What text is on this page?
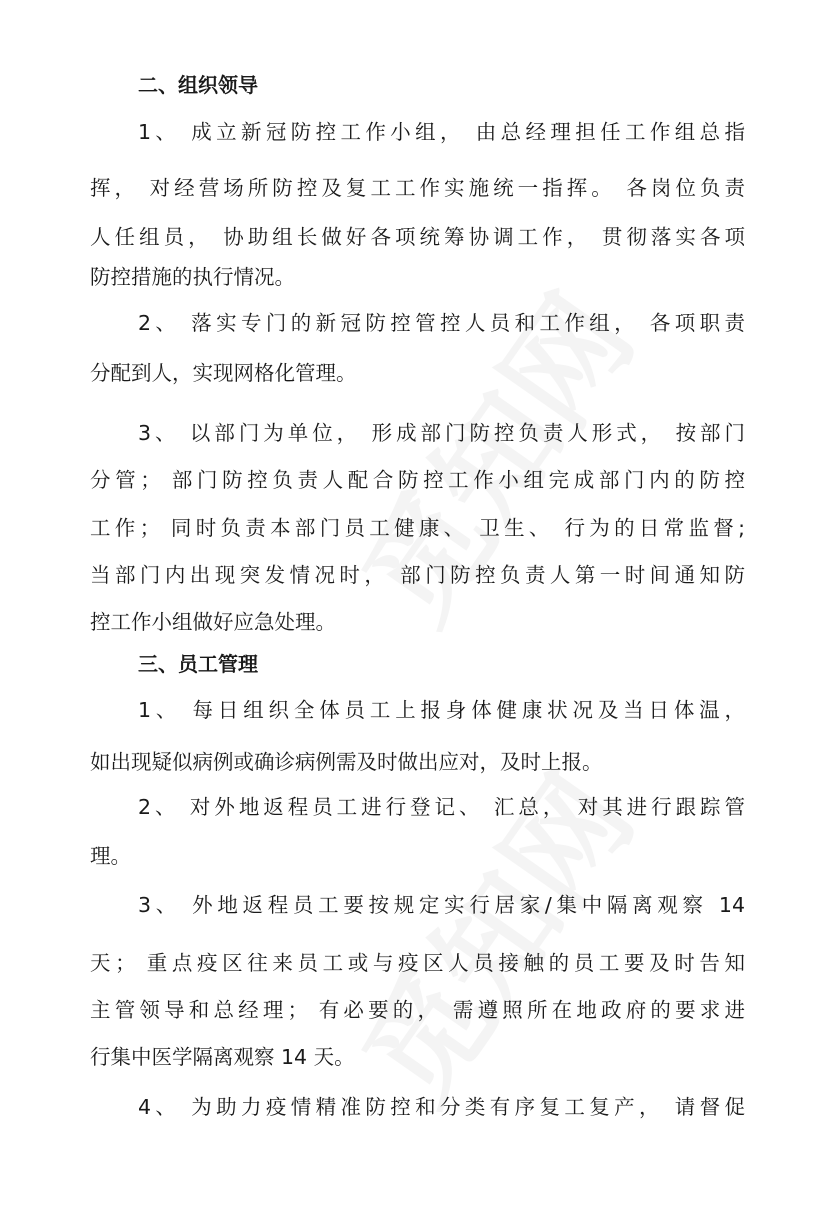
二、组织领导
1、 成立新冠防控工作小组， 由总经理担任工作组总指
挥， 对经营场所防控及复工工作实施统一指挥。 各岗位负责
人任组员， 协助组长做好各项统筹协调工作， 贯彻落实各项
防控措施的执行情况。
2、 落实专门的新冠防控管控人员和工作组， 各项职责
分配到人，实现网格化管理。
3、 以部门为单位， 形成部门防控负责人形式， 按部门
分管； 部门防控负责人配合防控工作小组完成部门内的防控
工作； 同时负责本部门员工健康、 卫生、 行为的日常监督;
当部门内出现突发情况时， 部门防控负责人第一时间通知防
控工作小组做好应急处理。
三、员工管理
1、 每日组织全体员工上报身体健康状况及当日体温，
如出现疑似病例或确诊病例需及时做出应对，及时上报。
2、 对外地返程员工进行登记、 汇总， 对其进行跟踪管
理。
3、 外地返程员工要按规定实行居家/集中隔离观察 14
天； 重点疫区往来员工或与疫区人员接触的员工要及时告知
主管领导和总经理； 有必要的， 需遵照所在地政府的要求进
行集中医学隔离观察 14 天。
4、 为助力疫情精准防控和分类有序复工复产， 请督促
